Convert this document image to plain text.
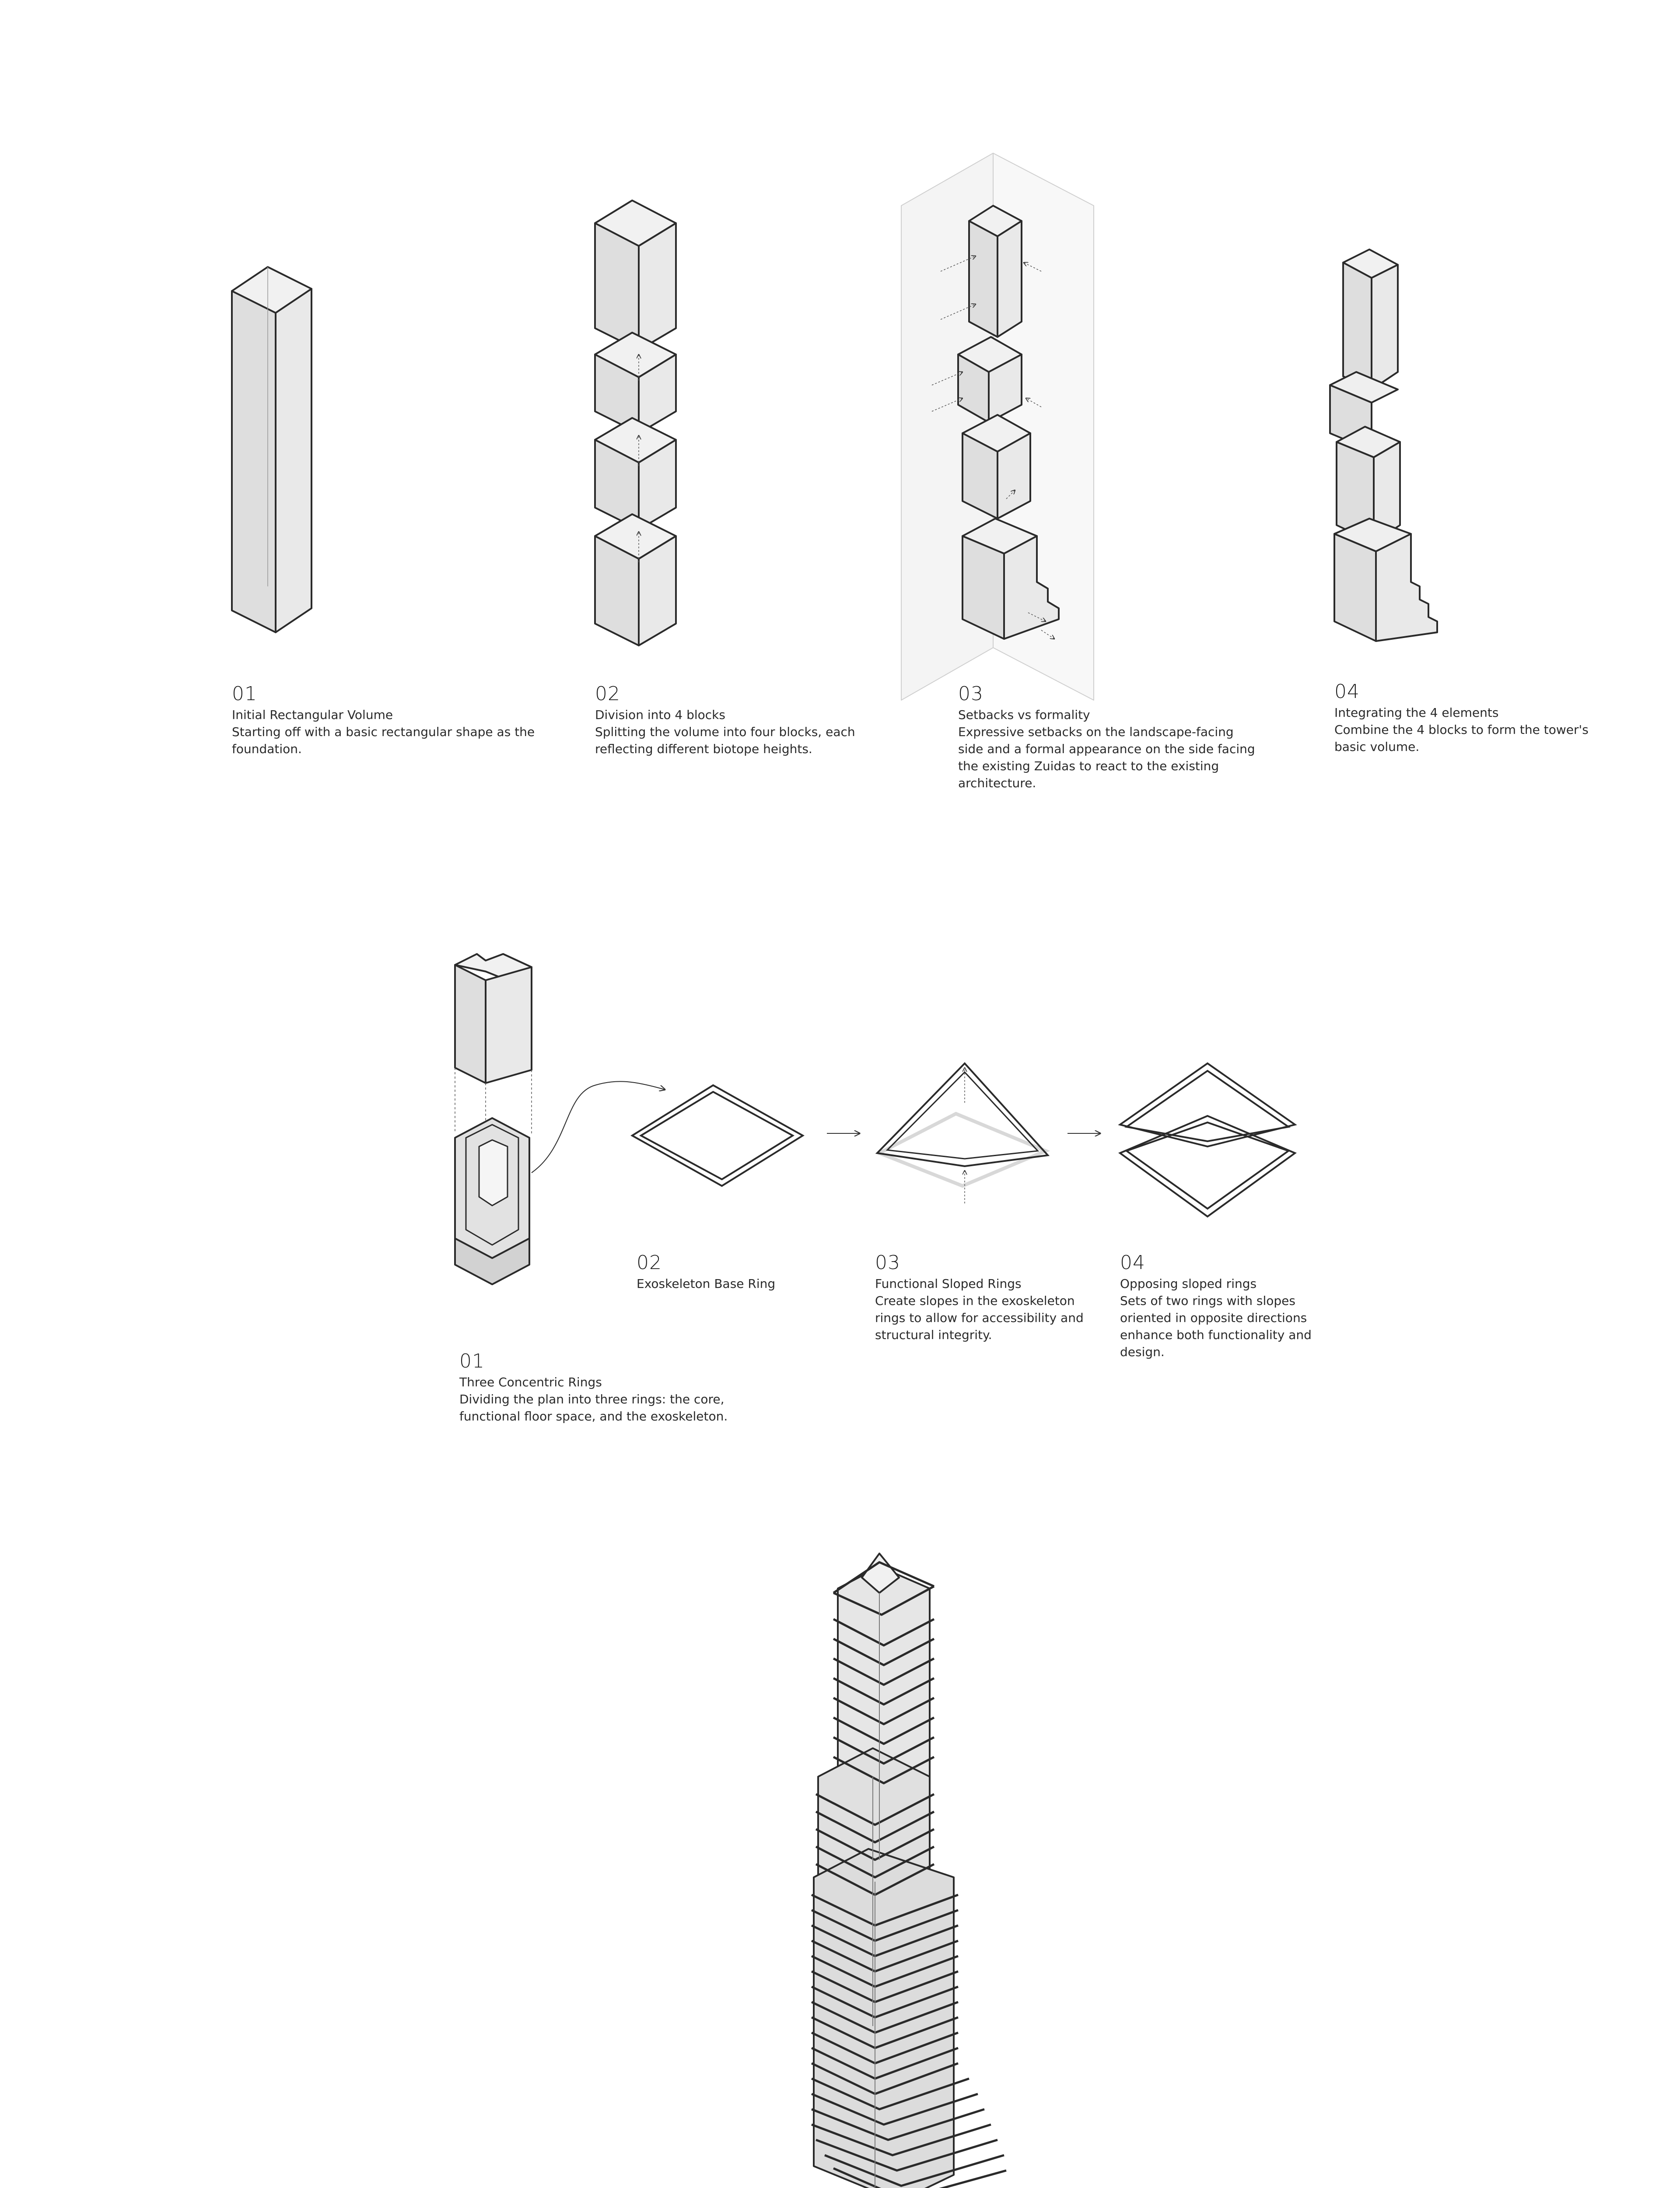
01
Initial Rectangular Volume
Starting off with a basic rectangular shape as the foundation.
02
Division into 4 blocks
Splitting the volume into four blocks, each reflecting different biotope heights.
03
Setbacks vs formality
Expressive setbacks on the landscape-facing side and a formal appearance on the side facing the existing Zuidas to react to the existing architecture.
04
Integrating the 4 elements
Combine the 4 blocks to form the tower's basic volume.
01
Three Concentric Rings
Dividing the plan into three rings: the core, functional floor space, and the exoskeleton.
02
Exoskeleton Base Ring
03
Functional Sloped Rings
Create slopes in the exoskeleton rings to allow for accessibility and structural integrity.
04
Opposing sloped rings
Sets of two rings with slopes oriented in opposite directions enhance both functionality and design.
